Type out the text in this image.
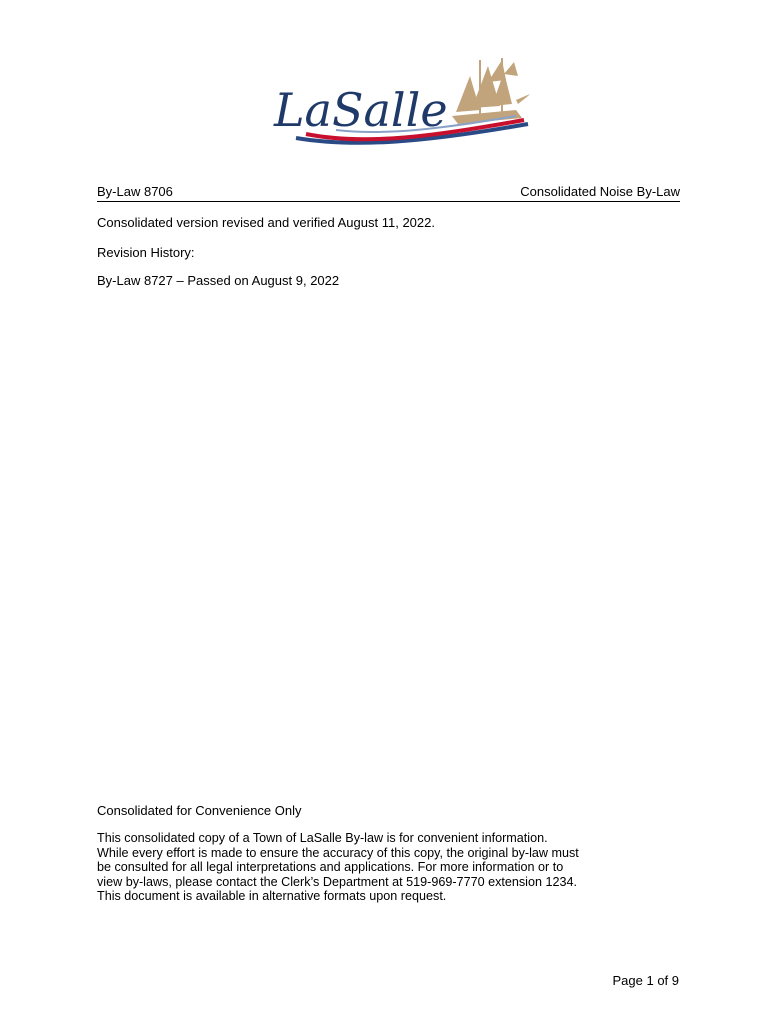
LaSalle
By-Law 8706	Consolidated Noise By-Law
Consolidated version revised and verified August 11, 2022.
Revision History:
By-Law 8727 – Passed on August 9, 2022
Consolidated for Convenience Only

This consolidated copy of a Town of LaSalle By-law is for convenient information.

While every effort is made to ensure the accuracy of this copy, the original by-law must

be consulted for all legal interpretations and applications. For more information or to

view by-laws, please contact the Clerk’s Department at 519-969-7770 extension 1234.

This document is available in alternative formats upon request.

Page 1 of 9
